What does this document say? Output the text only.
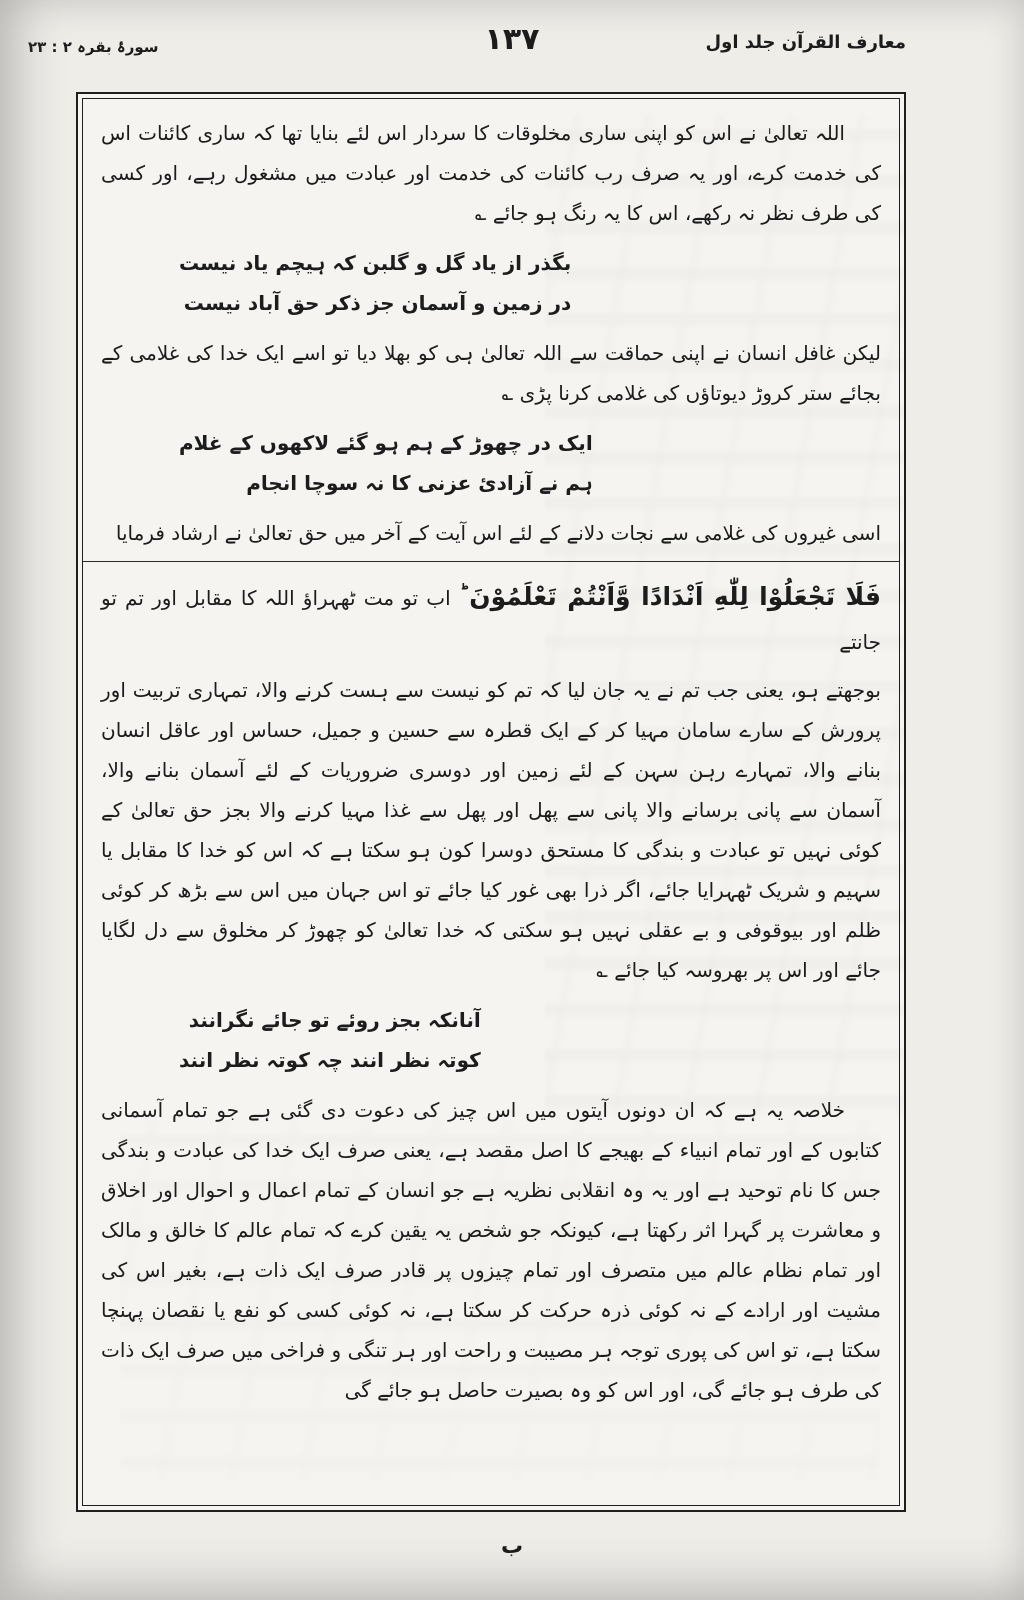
سورۂ بقرہ ۲ : ۲۳	۱۳۷	معارف القرآن جلد اول

اللہ تعالیٰ نے اس کو اپنی ساری مخلوقات کا سردار اس لئے بنایا تھا کہ ساری کائنات اس کی خدمت کرے، اور یہ صرف رب کائنات کی خدمت اور عبادت میں مشغول رہے، اور کسی کی طرف نظر نہ رکھے، اس کا یہ رنگ ہو جائے ؎

بگذر از یاد گل و گلبن کہ ہیچم یاد نیست
در زمین و آسمان جز ذکر حق آباد نیست

لیکن غافل انسان نے اپنی حماقت سے اللہ تعالیٰ ہی کو بھلا دیا تو اسے ایک خدا کی غلامی کے بجائے ستر کروڑ دیوتاؤں کی غلامی کرنا پڑی ؎

ایک در چھوڑ کے ہم ہو گئے لاکھوں کے غلام
ہم نے آزادیٔ عزنی کا نہ سوچا انجام

اسی غیروں کی غلامی سے نجات دلانے کے لئے اس آیت کے آخر میں حق تعالیٰ نے ارشاد فرمایا

فَلَا تَجْعَلُوْا لِلّٰهِ اَنْدَادًا وَّاَنْتُمْ تَعْلَمُوْنَ ؕ اب تو مت ٹھہراؤ اللہ کا مقابل اور تم تو جانتے

بوجھتے ہو، یعنی جب تم نے یہ جان لیا کہ تم کو نیست سے ہست کرنے والا، تمہاری تربیت اور پرورش کے سارے سامان مہیا کر کے ایک قطرہ سے حسین و جمیل، حساس اور عاقل انسان بنانے والا، تمہارے رہن سہن کے لئے زمین اور دوسری ضروریات کے لئے آسمان بنانے والا، آسمان سے پانی برسانے والا پانی سے پھل اور پھل سے غذا مہیا کرنے والا بجز حق تعالیٰ کے کوئی نہیں تو عبادت و بندگی کا مستحق دوسرا کون ہو سکتا ہے کہ اس کو خدا کا مقابل یا سہیم و شریک ٹھہرایا جائے، اگر ذرا بھی غور کیا جائے تو اس جہان میں اس سے بڑھ کر کوئی ظلم اور بیوقوفی و بے عقلی نہیں ہو سکتی کہ خدا تعالیٰ کو چھوڑ کر مخلوق سے دل لگایا جائے اور اس پر بھروسہ کیا جائے ؎

آنانکہ بجز روئے تو جائے نگرانند
کوتہ نظر انند چہ کوتہ نظر انند

خلاصہ یہ ہے کہ ان دونوں آیتوں میں اس چیز کی دعوت دی گئی ہے جو تمام آسمانی کتابوں کے اور تمام انبیاء کے بھیجے کا اصل مقصد ہے، یعنی صرف ایک خدا کی عبادت و بندگی جس کا نام توحید ہے اور یہ وہ انقلابی نظریہ ہے جو انسان کے تمام اعمال و احوال اور اخلاق و معاشرت پر گہرا اثر رکھتا ہے، کیونکہ جو شخص یہ یقین کرے کہ تمام عالم کا خالق و مالک اور تمام نظام عالم میں متصرف اور تمام چیزوں پر قادر صرف ایک ذات ہے، بغیر اس کی مشیت اور ارادے کے نہ کوئی ذرہ حرکت کر سکتا ہے، نہ کوئی کسی کو نفع یا نقصان پہنچا سکتا ہے، تو اس کی پوری توجہ ہر مصیبت و راحت اور ہر تنگی و فراخی میں صرف ایک ذات کی طرف ہو جائے گی، اور اس کو وہ بصیرت حاصل ہو جائے گی

ب
